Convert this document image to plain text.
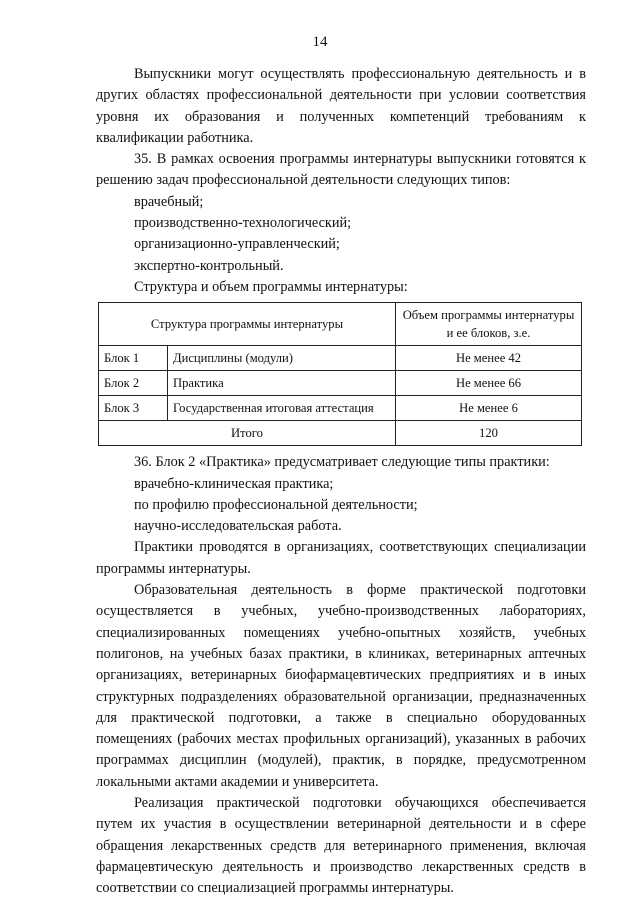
14

Выпускники могут осуществлять профессиональную деятельность и в других областях профессиональной деятельности при условии соответствия уровня их образования и полученных компетенций требованиям к квалификации работника.

35. В рамках освоения программы интернатуры выпускники готовятся к решению задач профессиональной деятельности следующих типов:

врачебный;

производственно-технологический;

организационно-управленческий;

экспертно-контрольный.

Структура и объем программы интернатуры:

Структура программы интернатуры		Объем программы интернатуры и ее блоков, з.е.
Блок 1	Дисциплины (модули)	Не менее 42
Блок 2	Практика	Не менее 66
Блок 3	Государственная итоговая аттестация	Не менее 6
Итого		120

36. Блок 2 «Практика» предусматривает следующие типы практики:

врачебно-клиническая практика;

по профилю профессиональной деятельности;

научно-исследовательская работа.

Практики проводятся в организациях, соответствующих специализации программы интернатуры.

Образовательная деятельность в форме практической подготовки осуществляется в учебных, учебно-производственных лабораториях, специализированных помещениях учебно-опытных хозяйств, учебных полигонов, на учебных базах практики, в клиниках, ветеринарных аптечных организациях, ветеринарных биофармацевтических предприятиях и в иных структурных подразделениях образовательной организации, предназначенных для практической подготовки, а также в специально оборудованных помещениях (рабочих местах профильных организаций), указанных в рабочих программах дисциплин (модулей), практик, в порядке, предусмотренном локальными актами академии и университета.

Реализация практической подготовки обучающихся обеспечивается путем их участия в осуществлении ветеринарной деятельности и в сфере обращения лекарственных средств для ветеринарного применения, включая фармацевтическую деятельность и производство лекарственных средств в соответствии со специализацией программы интернатуры.
